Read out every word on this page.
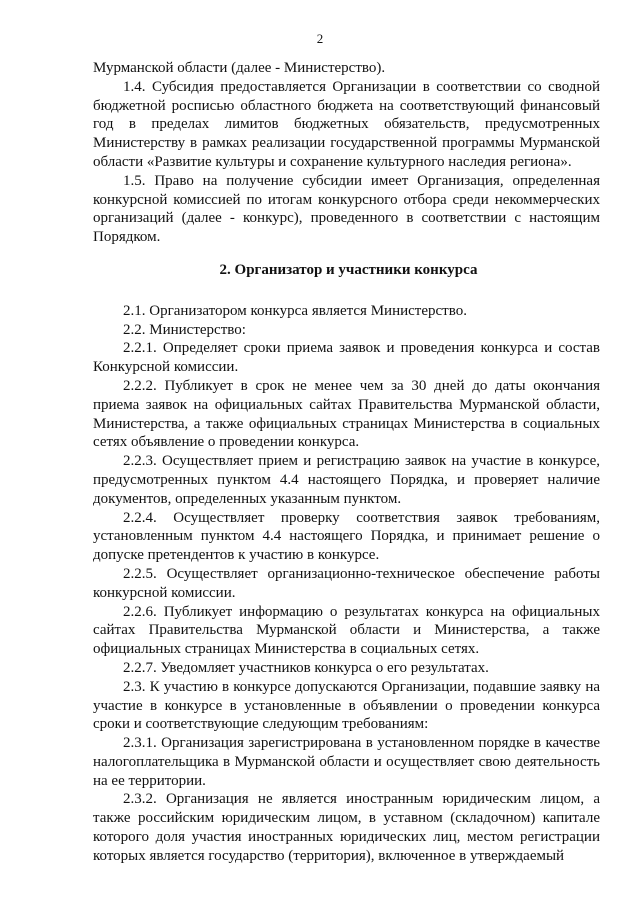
2

Мурманской области (далее - Министерство).

1.4. Субсидия предоставляется Организации в соответствии со сводной бюджетной росписью областного бюджета на соответствующий финансовый год в пределах лимитов бюджетных обязательств, предусмотренных Министерству в рамках реализации государственной программы Мурманской области «Развитие культуры и сохранение культурного наследия региона».

1.5. Право на получение субсидии имеет Организация, определенная конкурсной комиссией по итогам конкурсного отбора среди некоммерческих организаций (далее - конкурс), проведенного в соответствии с настоящим Порядком.

2. Организатор и участники конкурса

2.1. Организатором конкурса является Министерство.

2.2. Министерство:

2.2.1. Определяет сроки приема заявок и проведения конкурса и состав Конкурсной комиссии.

2.2.2. Публикует в срок не менее чем за 30 дней до даты окончания приема заявок на официальных сайтах Правительства Мурманской области, Министерства, а также официальных страницах Министерства в социальных сетях объявление о проведении конкурса.

2.2.3. Осуществляет прием и регистрацию заявок на участие в конкурсе, предусмотренных пунктом 4.4 настоящего Порядка, и проверяет наличие документов, определенных указанным пунктом.

2.2.4. Осуществляет проверку соответствия заявок требованиям, установленным пунктом 4.4 настоящего Порядка, и принимает решение о допуске претендентов к участию в конкурсе.

2.2.5. Осуществляет организационно-техническое обеспечение работы конкурсной комиссии.

2.2.6. Публикует информацию о результатах конкурса на официальных сайтах Правительства Мурманской области и Министерства, а также официальных страницах Министерства в социальных сетях.

2.2.7. Уведомляет участников конкурса о его результатах.

2.3. К участию в конкурсе допускаются Организации, подавшие заявку на участие в конкурсе в установленные в объявлении о проведении конкурса сроки и соответствующие следующим требованиям:

2.3.1. Организация зарегистрирована в установленном порядке в качестве налогоплательщика в Мурманской области и осуществляет свою деятельность на ее территории.

2.3.2. Организация не является иностранным юридическим лицом, а также российским юридическим лицом, в уставном (складочном) капитале которого доля участия иностранных юридических лиц, местом регистрации которых является государство (территория), включенное в утверждаемый
